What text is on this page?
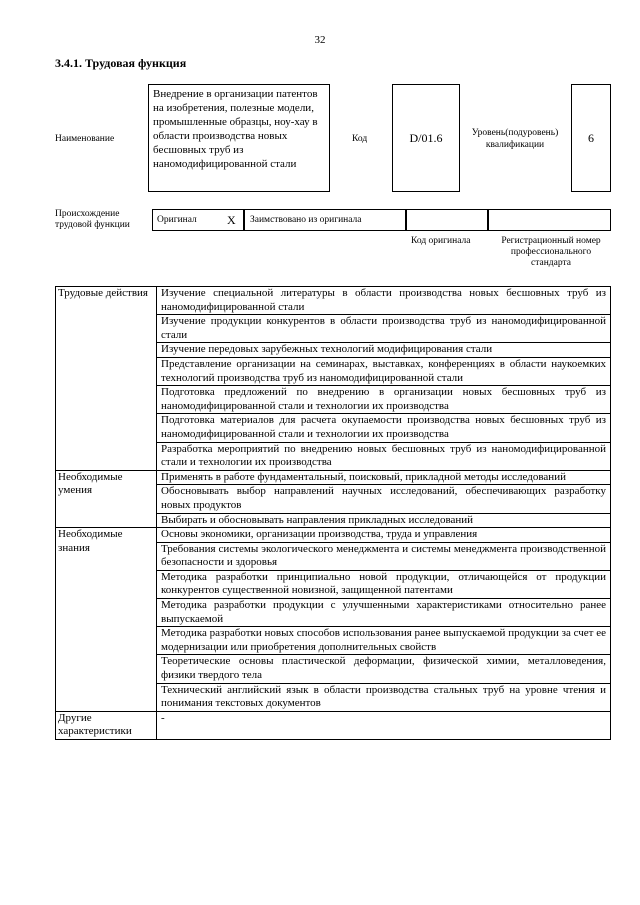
32
3.4.1. Трудовая функция
Наименование
Внедрение в организации патентов на изобретения, полезные модели, промышленные образцы, ноу-хау в области производства новых бесшовных труб из наномодифицированной стали
Код	D/01.6	Уровень(подуровень) квалификации
6
Происхождение трудовой функции	Оригинал	X	Заимствовано из оригинала
Код оригинала	Регистрационный номер профессионального стандарта
Трудовые действия	Изучение специальной литературы в области производства новых бесшовных труб из наномодифицированной стали
	Изучение продукции конкурентов в области производства труб из наномодифицированной стали
	Изучение передовых зарубежных технологий модифицирования стали
	Представление организации на семинарах, выставках, конференциях в области наукоемких технологий производства труб из наномодифицированной стали
	Подготовка предложений по внедрению в организации новых бесшовных труб из наномодифицированной стали и технологии их производства
	Подготовка материалов для расчета окупаемости производства новых бесшовных труб из наномодифицированной стали и технологии их производства
	Разработка мероприятий по внедрению новых бесшовных труб из наномодифицированной стали и технологии их производства
Необходимые умения	Применять в работе фундаментальный, поисковый, прикладной методы исследований
	Обосновывать выбор направлений научных исследований, обеспечивающих разработку новых продуктов
	Выбирать и обосновывать направления прикладных исследований
Необходимые знания	Основы экономики, организации производства, труда и управления
	Требования системы экологического менеджмента и системы менеджмента производственной безопасности и здоровья
	Методика разработки принципиально новой продукции, отличающейся от продукции конкурентов существенной новизной, защищенной патентами
	Методика разработки продукции с улучшенными характеристиками относительно ранее выпускаемой
	Методика разработки новых способов использования ранее выпускаемой продукции за счет ее модернизации или приобретения дополнительных свойств
	Теоретические основы пластической деформации, физической химии, металловедения, физики твердого тела
	Технический английский язык в области производства стальных труб на уровне чтения и понимания текстовых документов
Другие характеристики	-
